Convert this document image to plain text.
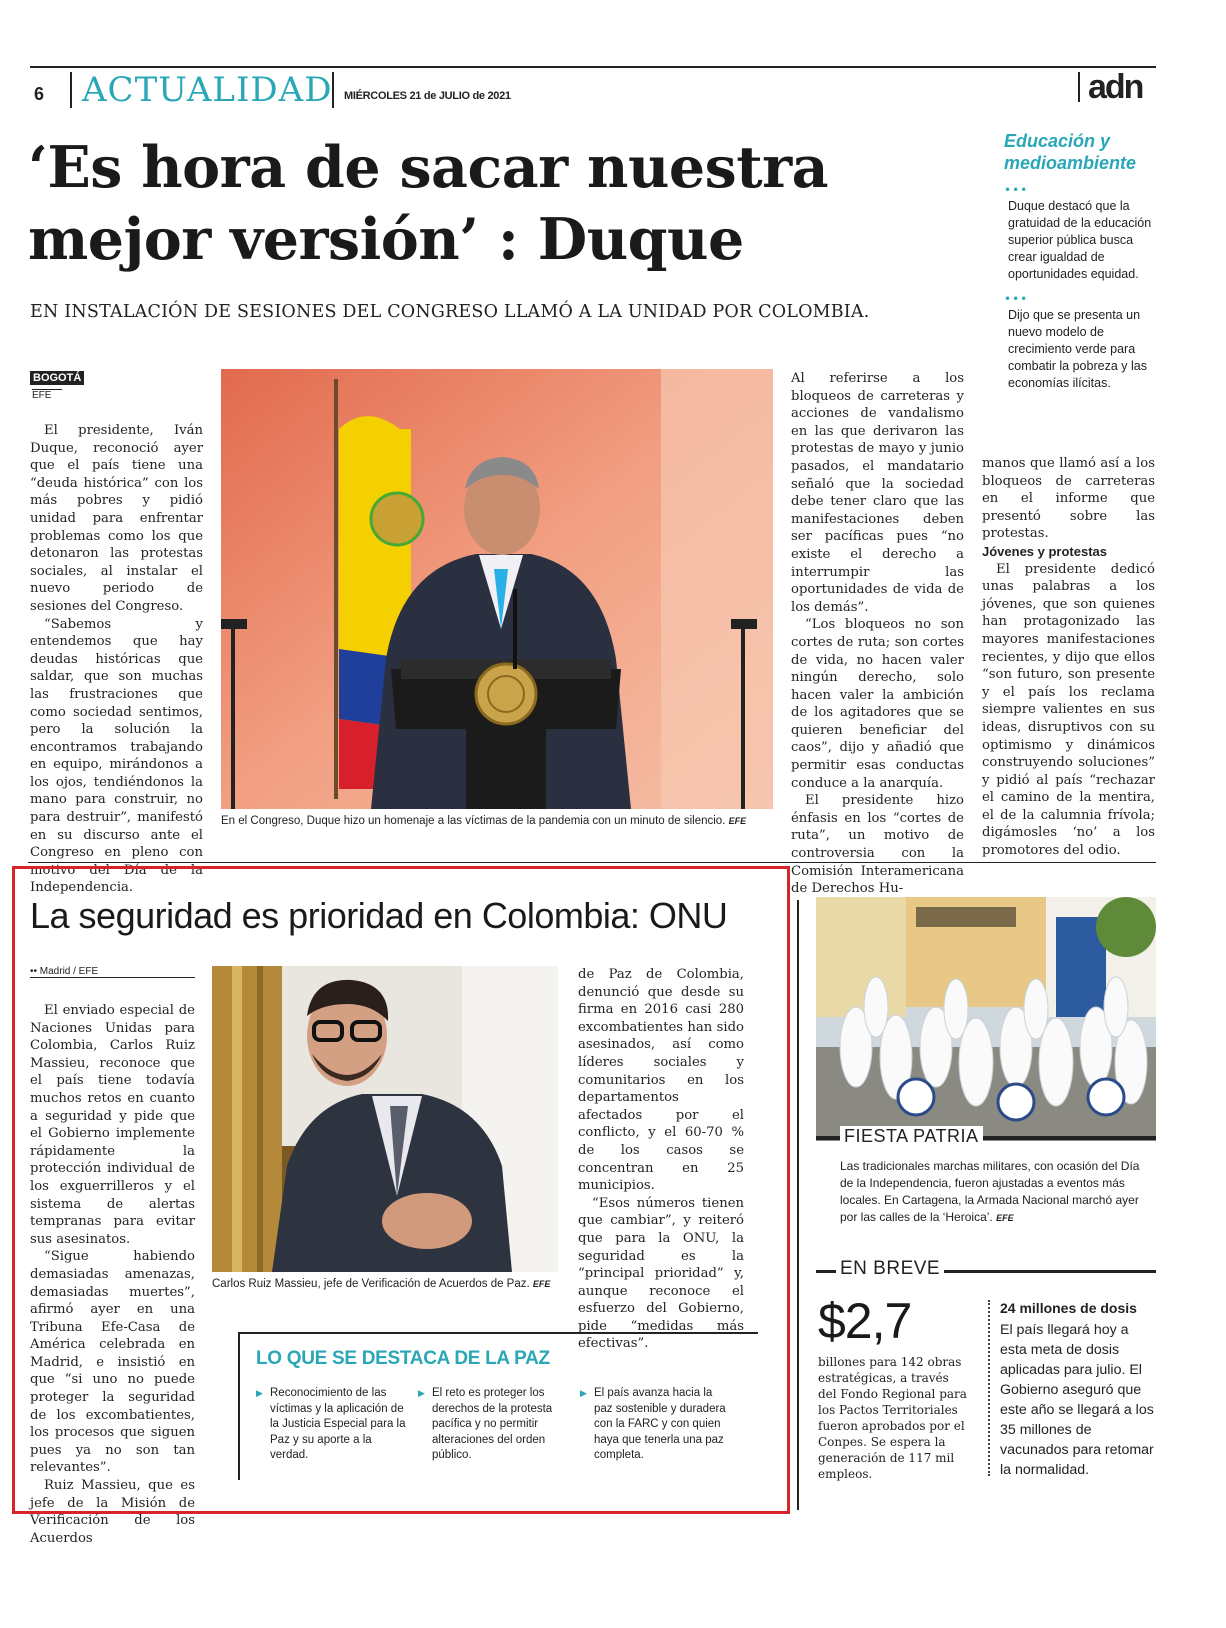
6 ACTUALIDAD MIÉRCOLES 21 de JULIO de 2021	adn
‘Es hora de sacar nuestra
mejor versión’ : Duque
EN INSTALACIÓN DE SESIONES DEL CONGRESO LLAMÓ A LA UNIDAD POR COLOMBIA.
Educación y
medioambiente
•••
Duque destacó que la gratuidad de la educación superior pública busca crear igualdad de oportunidades equidad.
•••
Dijo que se presenta un nuevo modelo de crecimiento verde para combatir la pobreza y las economías ilícitas.
BOGOTÁ
EFE

El presidente, Iván Duque, reconoció ayer que el país tiene una “deuda histórica” con los más pobres y pidió unidad para enfrentar problemas como los que detonaron las protestas sociales, al instalar el nuevo periodo de sesiones del Congreso.

“Sabemos y entendemos que hay deudas históricas que saldar, que son muchas las frustraciones que como sociedad sentimos, pero la solución la encontramos trabajando en equipo, mirándonos a los ojos, tendiéndonos la mano para construir, no para destruir”, manifestó en su discurso ante el Congreso en pleno con motivo del Día de la Independencia.

En el Congreso, Duque hizo un homenaje a las víctimas de la pandemia con un minuto de silencio. EFE

Al referirse a los bloqueos de carreteras y acciones de vandalismo en las que derivaron las protestas de mayo y junio pasados, el mandatario señaló que la sociedad debe tener claro que las manifestaciones deben ser pacíficas pues “no existe el derecho a interrumpir las oportunidades de vida de los demás”.

“Los bloqueos no son cortes de ruta; son cortes de vida, no hacen valer ningún derecho, solo hacen valer la ambición de los agitadores que se quieren beneficiar del caos”, dijo y añadió que permitir esas conductas conduce a la anarquía.

El presidente hizo énfasis en los “cortes de ruta”, un motivo de controversia con la Comisión Interamericana de Derechos Hu-

manos que llamó así a los bloqueos de carreteras en el informe que presentó sobre las protestas.

Jóvenes y protestas

El presidente dedicó unas palabras a los jóvenes, que son quienes han protagonizado las mayores manifestaciones recientes, y dijo que ellos “son futuro, son presente y el país los reclama siempre valientes en sus ideas, disruptivos con su optimismo y dinámicos construyendo soluciones” y pidió al país “rechazar el camino de la mentira, el de la calumnia frívola; digámosles ‘no’ a los promotores del odio.

La seguridad es prioridad en Colombia: ONU
•• Madrid / EFE

El enviado especial de Naciones Unidas para Colombia, Carlos Ruiz Massieu, reconoce que el país tiene todavía muchos retos en cuanto a seguridad y pide que el Gobierno implemente rápidamente la protección individual de los exguerrilleros y el sistema de alertas tempranas para evitar sus asesinatos.

“Sigue habiendo demasiadas amenazas, demasiadas muertes”, afirmó ayer en una Tribuna Efe-Casa de América celebrada en Madrid, e insistió en que “si uno no puede proteger la seguridad de los excombatientes, los procesos que siguen pues ya no son tan relevantes”.

Ruiz Massieu, que es jefe de la Misión de Verificación de los Acuerdos

Carlos Ruiz Massieu, jefe de Verificación de Acuerdos de Paz. EFE

de Paz de Colombia, denunció que desde su firma en 2016 casi 280 excombatientes han sido asesinados, así como líderes sociales y comunitarios en los departamentos afectados por el conflicto, y el 60-70 % de los casos se concentran en 25 municipios.

“Esos números tienen que cambiar”, y reiteró que para la ONU, la seguridad es la “principal prioridad” y, aunque reconoce el esfuerzo del Gobierno, pide “medidas más efectivas”.

LO QUE SE DESTACA DE LA PAZ
▶ Reconocimiento de las víctimas y la aplicación de la Justicia Especial para la Paz y su aporte a la verdad.
▶ El reto es proteger los derechos de la protesta pacífica y no permitir alteraciones del orden público.
▶ El país avanza hacia la paz sostenible y duradera con la FARC y con quien haya que tenerla una paz completa.
FIESTA PATRIA
Las tradicionales marchas militares, con ocasión del Día de la Independencia, fueron ajustadas a eventos más locales. En Cartagena, la Armada Nacional marchó ayer por las calles de la ‘Heroica’. EFE
EN BREVE
$2,7
billones para 142 obras estratégicas, a través del Fondo Regional para los Pactos Territoriales fueron aprobados por el Conpes. Se espera la generación de 117 mil empleos.
24 millones de dosis
El país llegará hoy a esta meta de dosis aplicadas para julio. El Gobierno aseguró que este año se llegará a los 35 millones de vacunados para retomar la normalidad.
